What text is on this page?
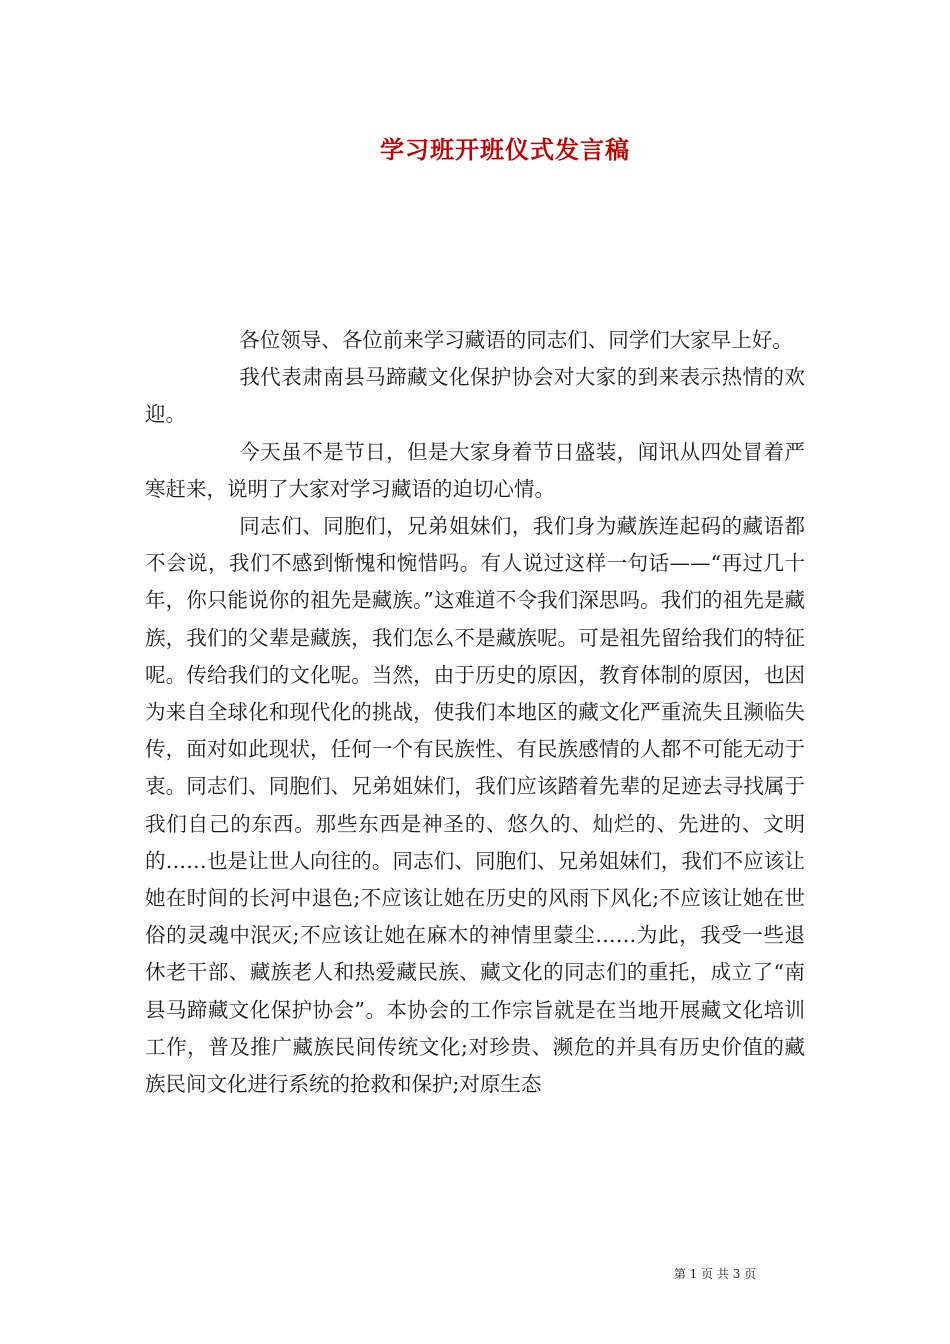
学习班开班仪式发言稿

各位领导、各位前来学习藏语的同志们、同学们大家早上好。

我代表肃南县马蹄藏文化保护协会对大家的到来表示热情的欢迎。

今天虽不是节日，但是大家身着节日盛装，闻讯从四处冒着严寒赶来，说明了大家对学习藏语的迫切心情。

同志们、同胞们，兄弟姐妹们，我们身为藏族连起码的藏语都不会说，我们不感到惭愧和惋惜吗。有人说过这样一句话——“再过几十年，你只能说你的祖先是藏族。”这难道不令我们深思吗。我们的祖先是藏族，我们的父辈是藏族，我们怎么不是藏族呢。可是祖先留给我们的特征呢。传给我们的文化呢。当然，由于历史的原因，教育体制的原因，也因为来自全球化和现代化的挑战，使我们本地区的藏文化严重流失且濒临失传，面对如此现状，任何一个有民族性、有民族感情的人都不可能无动于衷。同志们、同胞们、兄弟姐妹们，我们应该踏着先辈的足迹去寻找属于我们自己的东西。那些东西是神圣的、悠久的、灿烂的、先进的、文明的……也是让世人向往的。同志们、同胞们、兄弟姐妹们，我们不应该让她在时间的长河中退色;不应该让她在历史的风雨下风化;不应该让她在世俗的灵魂中泯灭;不应该让她在麻木的神情里蒙尘……为此，我受一些退休老干部、藏族老人和热爱藏民族、藏文化的同志们的重托，成立了“南县马蹄藏文化保护协会”。本协会的工作宗旨就是在当地开展藏文化培训工作，普及推广藏族民间传统文化;对珍贵、濒危的并具有历史价值的藏族民间文化进行系统的抢救和保护;对原生态

第 1 页 共 3 页
